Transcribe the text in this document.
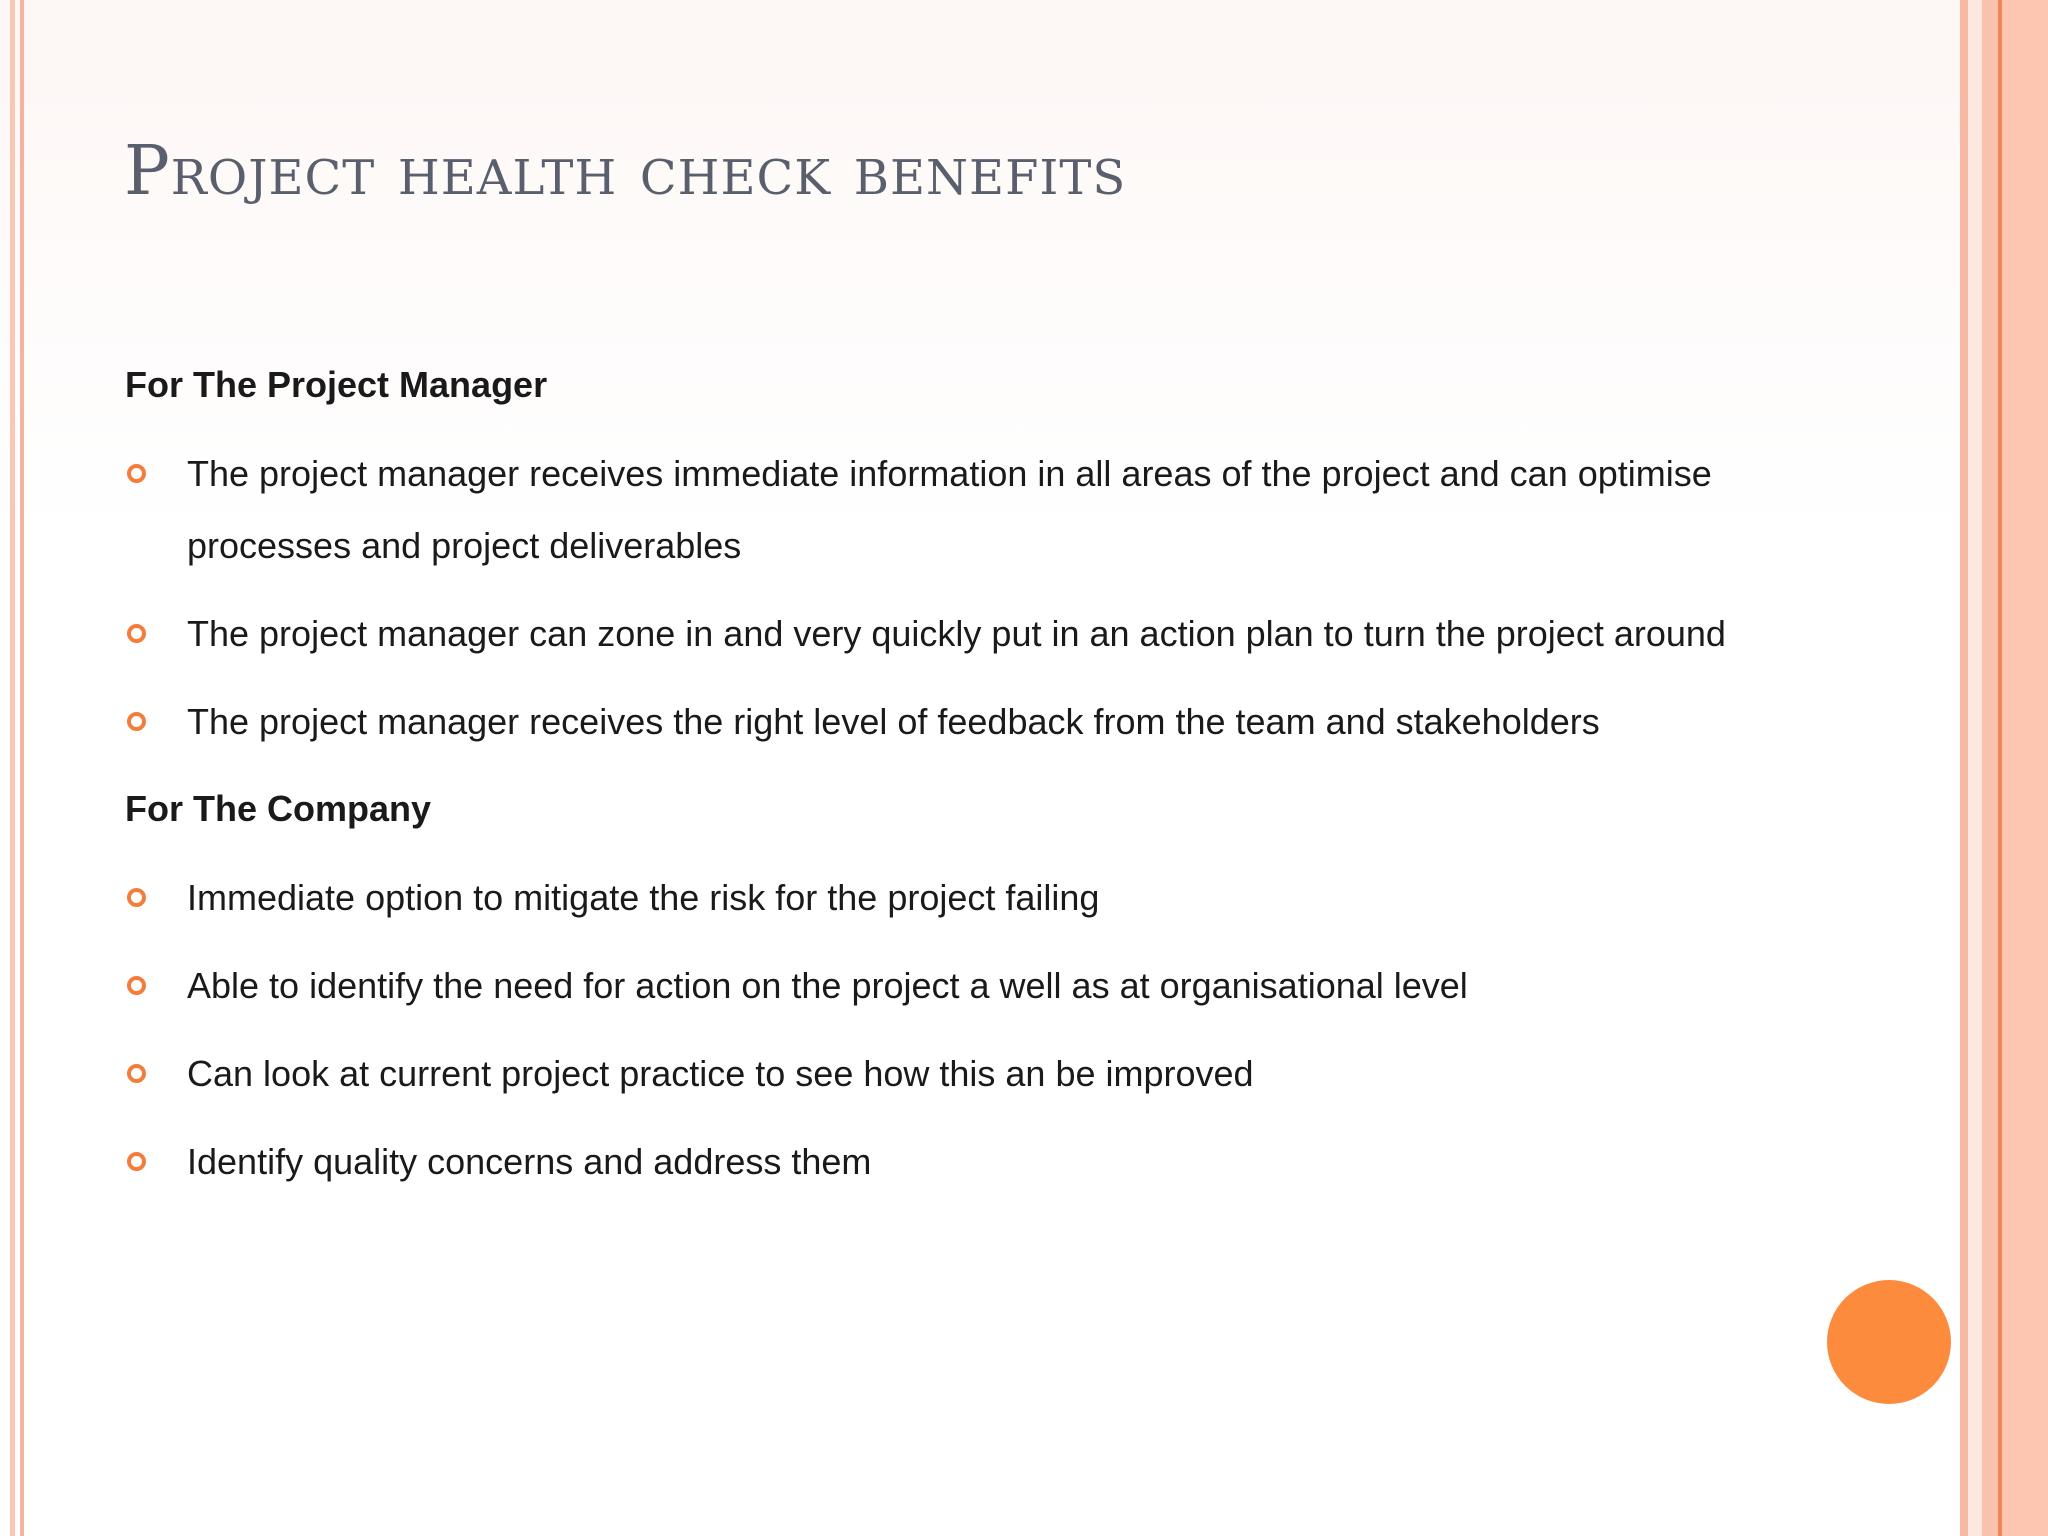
Project health check benefits
For The Project Manager
The project manager receives immediate information in all areas of the project and can optimise processes and project deliverables
The project manager can zone in and very quickly put in an action plan to turn the project around
The project manager receives the right level of feedback from the team and stakeholders
For The Company
Immediate option to mitigate the risk for the project failing
Able to identify the need for action on the project a well as at organisational level
Can look at current project practice to see how this an be improved
Identify quality concerns and address them
